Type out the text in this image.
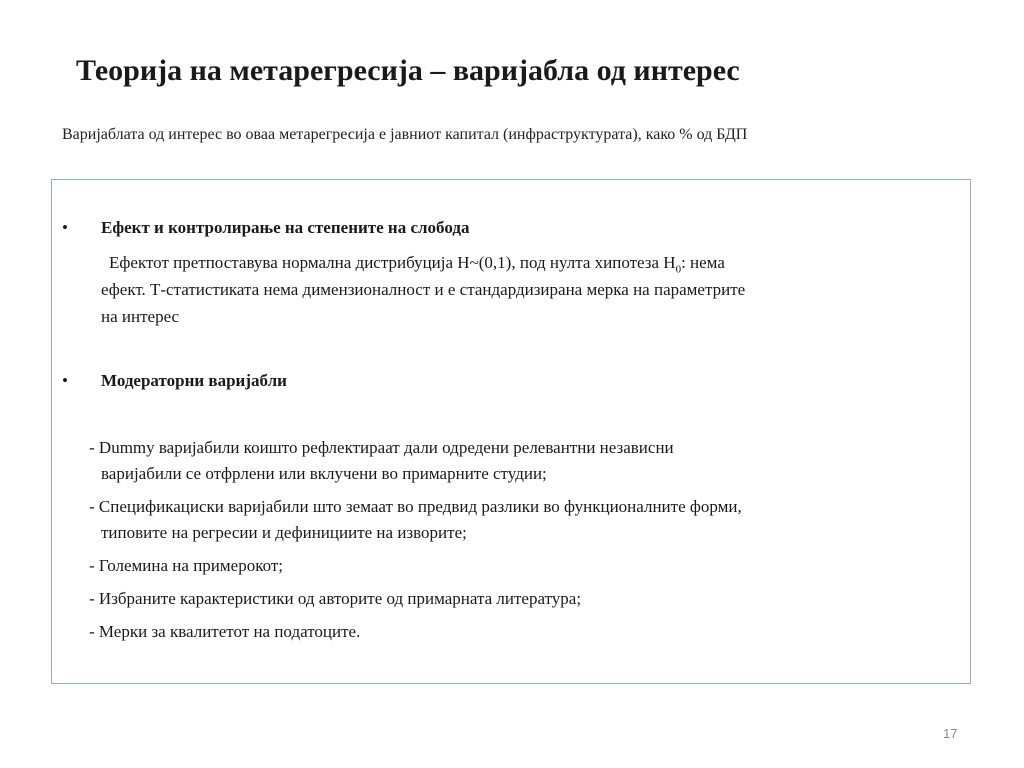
Теорија на метарегресија – варијабла од интерес
Варијаблата од интерес во оваа метарегресија е јавниот капитал (инфраструктурата), како % од БДП
•	Ефект и контролирање на степените на слобода
Ефектот претпоставува нормална дистрибуција H~(0,1), под нулта хипотеза $H_0$: нема
ефект. Т-статистиката нема димензионалност и е стандардизирана мерка на параметрите
на интерес
•	Модераторни варијабли
- Dummy варијабили коишто рефлектираат дали одредени релевантни независни
варијабили се отфрлени или вклучени во примарните студии;
- Спецификациски варијабили што земаат во предвид разлики во функционалните форми,
типовите на регресии и дефинициите на изворите;
- Големина на примерокот;
- Избраните карактеристики од авторите од примарната литература;
- Мерки за квалитетот на податоците.
17
